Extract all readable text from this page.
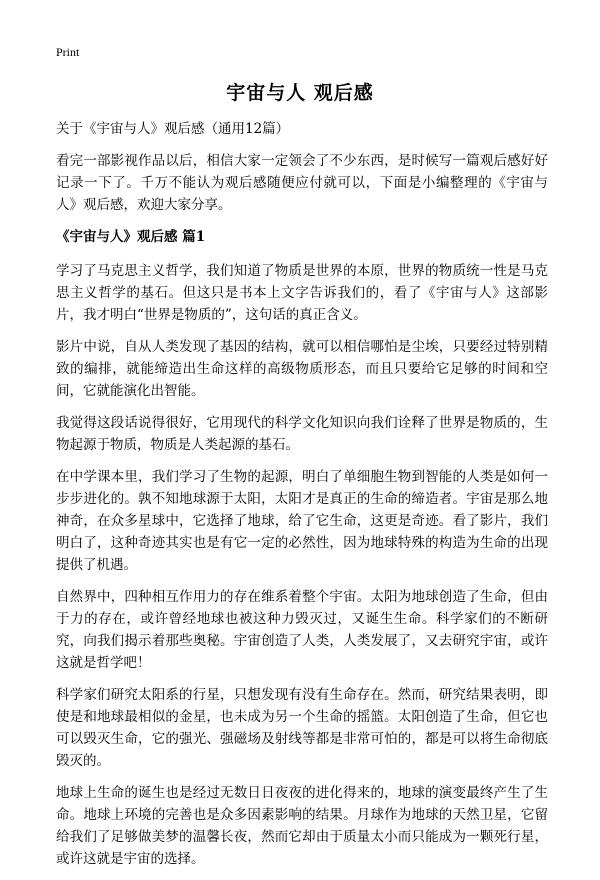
Print
宇宙与人 观后感

关于《宇宙与人》观后感（通用12篇）

看完一部影视作品以后，相信大家一定领会了不少东西，是时候写一篇观后感好好记录一下了。千万不能认为观后感随便应付就可以，下面是小编整理的《宇宙与人》观后感，欢迎大家分享。

《宇宙与人》观后感 篇1

学习了马克思主义哲学，我们知道了物质是世界的本原，世界的物质统一性是马克思主义哲学的基石。但这只是书本上文字告诉我们的，看了《宇宙与人》这部影片，我才明白“世界是物质的”，这句话的真正含义。

影片中说，自从人类发现了基因的结构，就可以相信哪怕是尘埃，只要经过特别精致的编排，就能缔造出生命这样的高级物质形态，而且只要给它足够的时间和空间，它就能演化出智能。

我觉得这段话说得很好，它用现代的科学文化知识向我们诠释了世界是物质的，生物起源于物质，物质是人类起源的基石。

在中学课本里，我们学习了生物的起源，明白了单细胞生物到智能的人类是如何一步步进化的。孰不知地球源于太阳，太阳才是真正的生命的缔造者。宇宙是那么地神奇，在众多星球中，它选择了地球，给了它生命，这更是奇迹。看了影片，我们明白了，这种奇迹其实也是有它一定的必然性，因为地球特殊的构造为生命的出现提供了机遇。

自然界中，四种相互作用力的存在维系着整个宇宙。太阳为地球创造了生命，但由于力的存在，或许曾经地球也被这种力毁灭过，又诞生生命。科学家们的不断研究，向我们揭示着那些奥秘。宇宙创造了人类，人类发展了，又去研究宇宙，或许这就是哲学吧！

科学家们研究太阳系的行星，只想发现有没有生命存在。然而，研究结果表明，即使是和地球最相似的金星，也未成为另一个生命的摇篮。太阳创造了生命，但它也可以毁灭生命，它的强光、强磁场及射线等都是非常可怕的，都是可以将生命彻底毁灭的。

地球上生命的诞生也是经过无数日日夜夜的进化得来的，地球的演变最终产生了生命。地球上环境的完善也是众多因素影响的结果。月球作为地球的天然卫星，它留给我们了足够做美梦的温馨长夜，然而它却由于质量太小而只能成为一颗死行星，或许这就是宇宙的选择。
